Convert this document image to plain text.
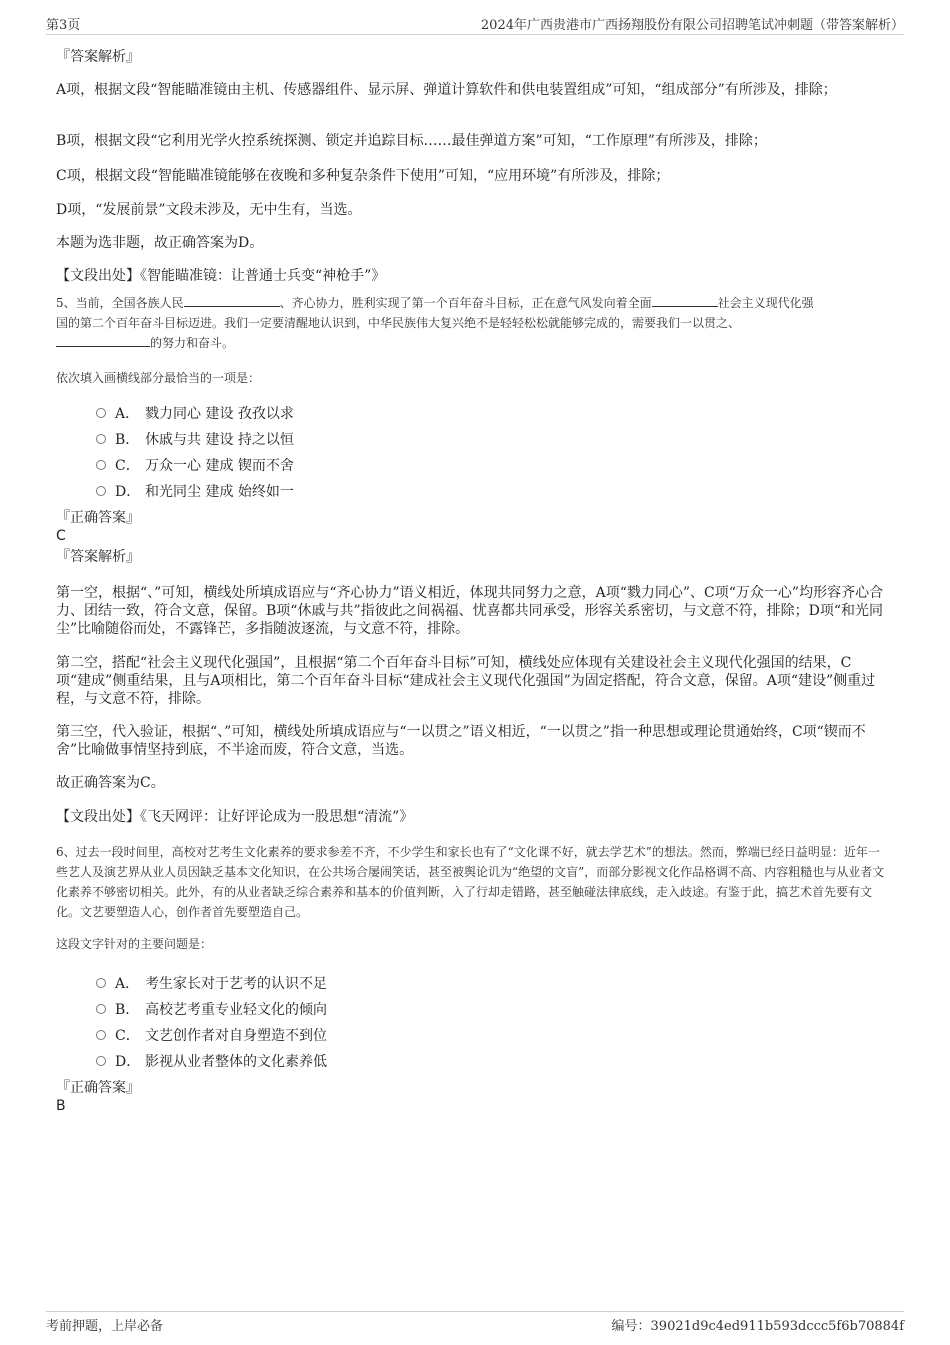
第3页	2024年广西贵港市广西扬翔股份有限公司招聘笔试冲刺题（带答案解析）
『答案解析』
A项，根据文段“智能瞄准镜由主机、传感器组件、显示屏、弹道计算软件和供电装置组成”可知，“组成部分”有所涉及，排除；
B项，根据文段“它利用光学火控系统探测、锁定并追踪目标……最佳弹道方案”可知，“工作原理”有所涉及，排除；
C项，根据文段“智能瞄准镜能够在夜晚和多种复杂条件下使用”可知，“应用环境”有所涉及，排除；
D项，“发展前景”文段未涉及，无中生有，当选。
本题为选非题，故正确答案为D。
【文段出处】《智能瞄准镜：让普通士兵变“神枪手”》
5、当前，全国各族人民	、齐心协力，胜利实现了第一个百年奋斗目标，正在意气风发向着全面	社会主义现代化强
国的第二个百年奋斗目标迈进。我们一定要清醒地认识到，中华民族伟大复兴绝不是轻轻松松就能够完成的，需要我们一以贯之、
的努力和奋斗。
依次填入画横线部分最恰当的一项是：
A． 戮力同心 建设 孜孜以求
B． 休戚与共 建设 持之以恒
C． 万众一心 建成 锲而不舍
D． 和光同尘 建成 始终如一
『正确答案』
C
『答案解析』
第一空，根据“、”可知，横线处所填成语应与“齐心协力”语义相近，体现共同努力之意，A项“戮力同心”、C项“万众一心”均形容齐心合力、团结一致，符合文意，保留。B项“休戚与共”指彼此之间祸福、忧喜都共同承受，形容关系密切，与文意不符，排除；D项“和光同尘”比喻随俗而处，不露锋芒，多指随波逐流，与文意不符，排除。
第二空，搭配“社会主义现代化强国”，且根据“第二个百年奋斗目标”可知，横线处应体现有关建设社会主义现代化强国的结果，C项“建成”侧重结果，且与A项相比，第二个百年奋斗目标“建成社会主义现代化强国”为固定搭配，符合文意，保留。A项“建设”侧重过程，与文意不符，排除。
第三空，代入验证，根据“、”可知，横线处所填成语应与“一以贯之”语义相近，“一以贯之”指一种思想或理论贯通始终，C项“锲而不舍”比喻做事情坚持到底，不半途而废，符合文意，当选。
故正确答案为C。
【文段出处】《飞天网评：让好评论成为一股思想“清流”》
6、过去一段时间里，高校对艺考生文化素养的要求参差不齐，不少学生和家长也有了“文化课不好，就去学艺术”的想法。然而，弊端已经日益明显：近年一些艺人及演艺界从业人员因缺乏基本文化知识，在公共场合屡闹笑话，甚至被舆论讥为“绝望的文盲”，而部分影视文化作品格调不高、内容粗糙也与从业者文化素养不够密切相关。此外，有的从业者缺乏综合素养和基本的价值判断，入了行却走错路，甚至触碰法律底线，走入歧途。有鉴于此，搞艺术首先要有文化。文艺要塑造人心，创作者首先要塑造自己。
这段文字针对的主要问题是：
A． 考生家长对于艺考的认识不足
B． 高校艺考重专业轻文化的倾向
C． 文艺创作者对自身塑造不到位
D． 影视从业者整体的文化素养低
『正确答案』
B
考前押题，上岸必备	编号：39021d9c4ed911b593dccc5f6b70884f
